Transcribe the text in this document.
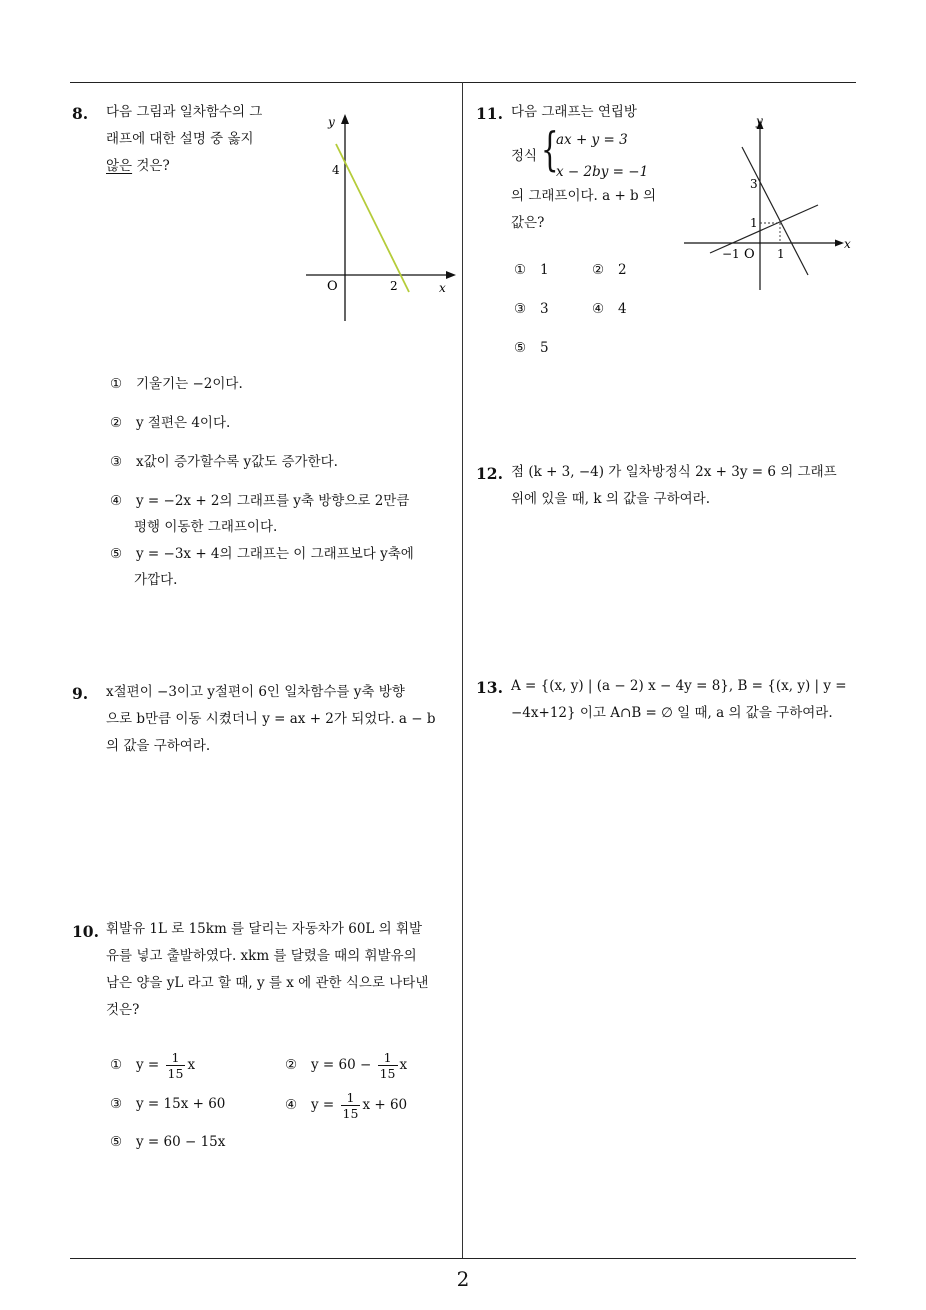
2
8. 다음 그림과 일차함수의 그
래프에 대한 설명 중 옳지
않은 것은?
y
x
O
4
2
① 기울기는 −2이다.
② y 절편은 4이다.
③ x값이 증가할수록 y값도 증가한다.
④ y = −2x + 2의 그래프를 y축 방향으로 2만큼
평행 이동한 그래프이다.
⑤ y = −3x + 4의 그래프는 이 그래프보다 y축에
가깝다.
9. x절편이 −3이고 y절편이 6인 일차함수를 y축 방향
으로 b만큼 이동 시켰더니 y = ax + 2가 되었다. a − b
의 값을 구하여라.
10. 휘발유 1L 로 15km 를 달리는 자동차가 60L 의 휘발
유를 넣고 출발하였다. xkm 를 달렸을 때의 휘발유의
남은 양을 yL 라고 할 때, y 를 x 에 관한 식으로 나타낸
것은?
① $y = \frac{1}{15}$ x	② $y = 60 - \frac{1}{15}$ x
③ y = 15x + 60	④ $y = \frac{1}{15}$ x + 60
⑤ y = 60 − 15x
11. 다음 그래프는 연립방
정식 {
ax + y = 3
x − 2by = −1
의 그래프이다. a + b 의
값은?
y
x
O
3
1
−1	1
① 1	② 2
③ 3	④ 4
⑤ 5
12. 점 (k + 3, −4) 가 일차방정식 2x + 3y = 6 의 그래프
위에 있을 때, k 의 값을 구하여라.
13. A = {(x, y) | (a − 2) x − 4y = 8}, B = {(x, y) | y =
−4x+12} 이고 A∩B = ∅ 일 때, a 의 값을 구하여라.
